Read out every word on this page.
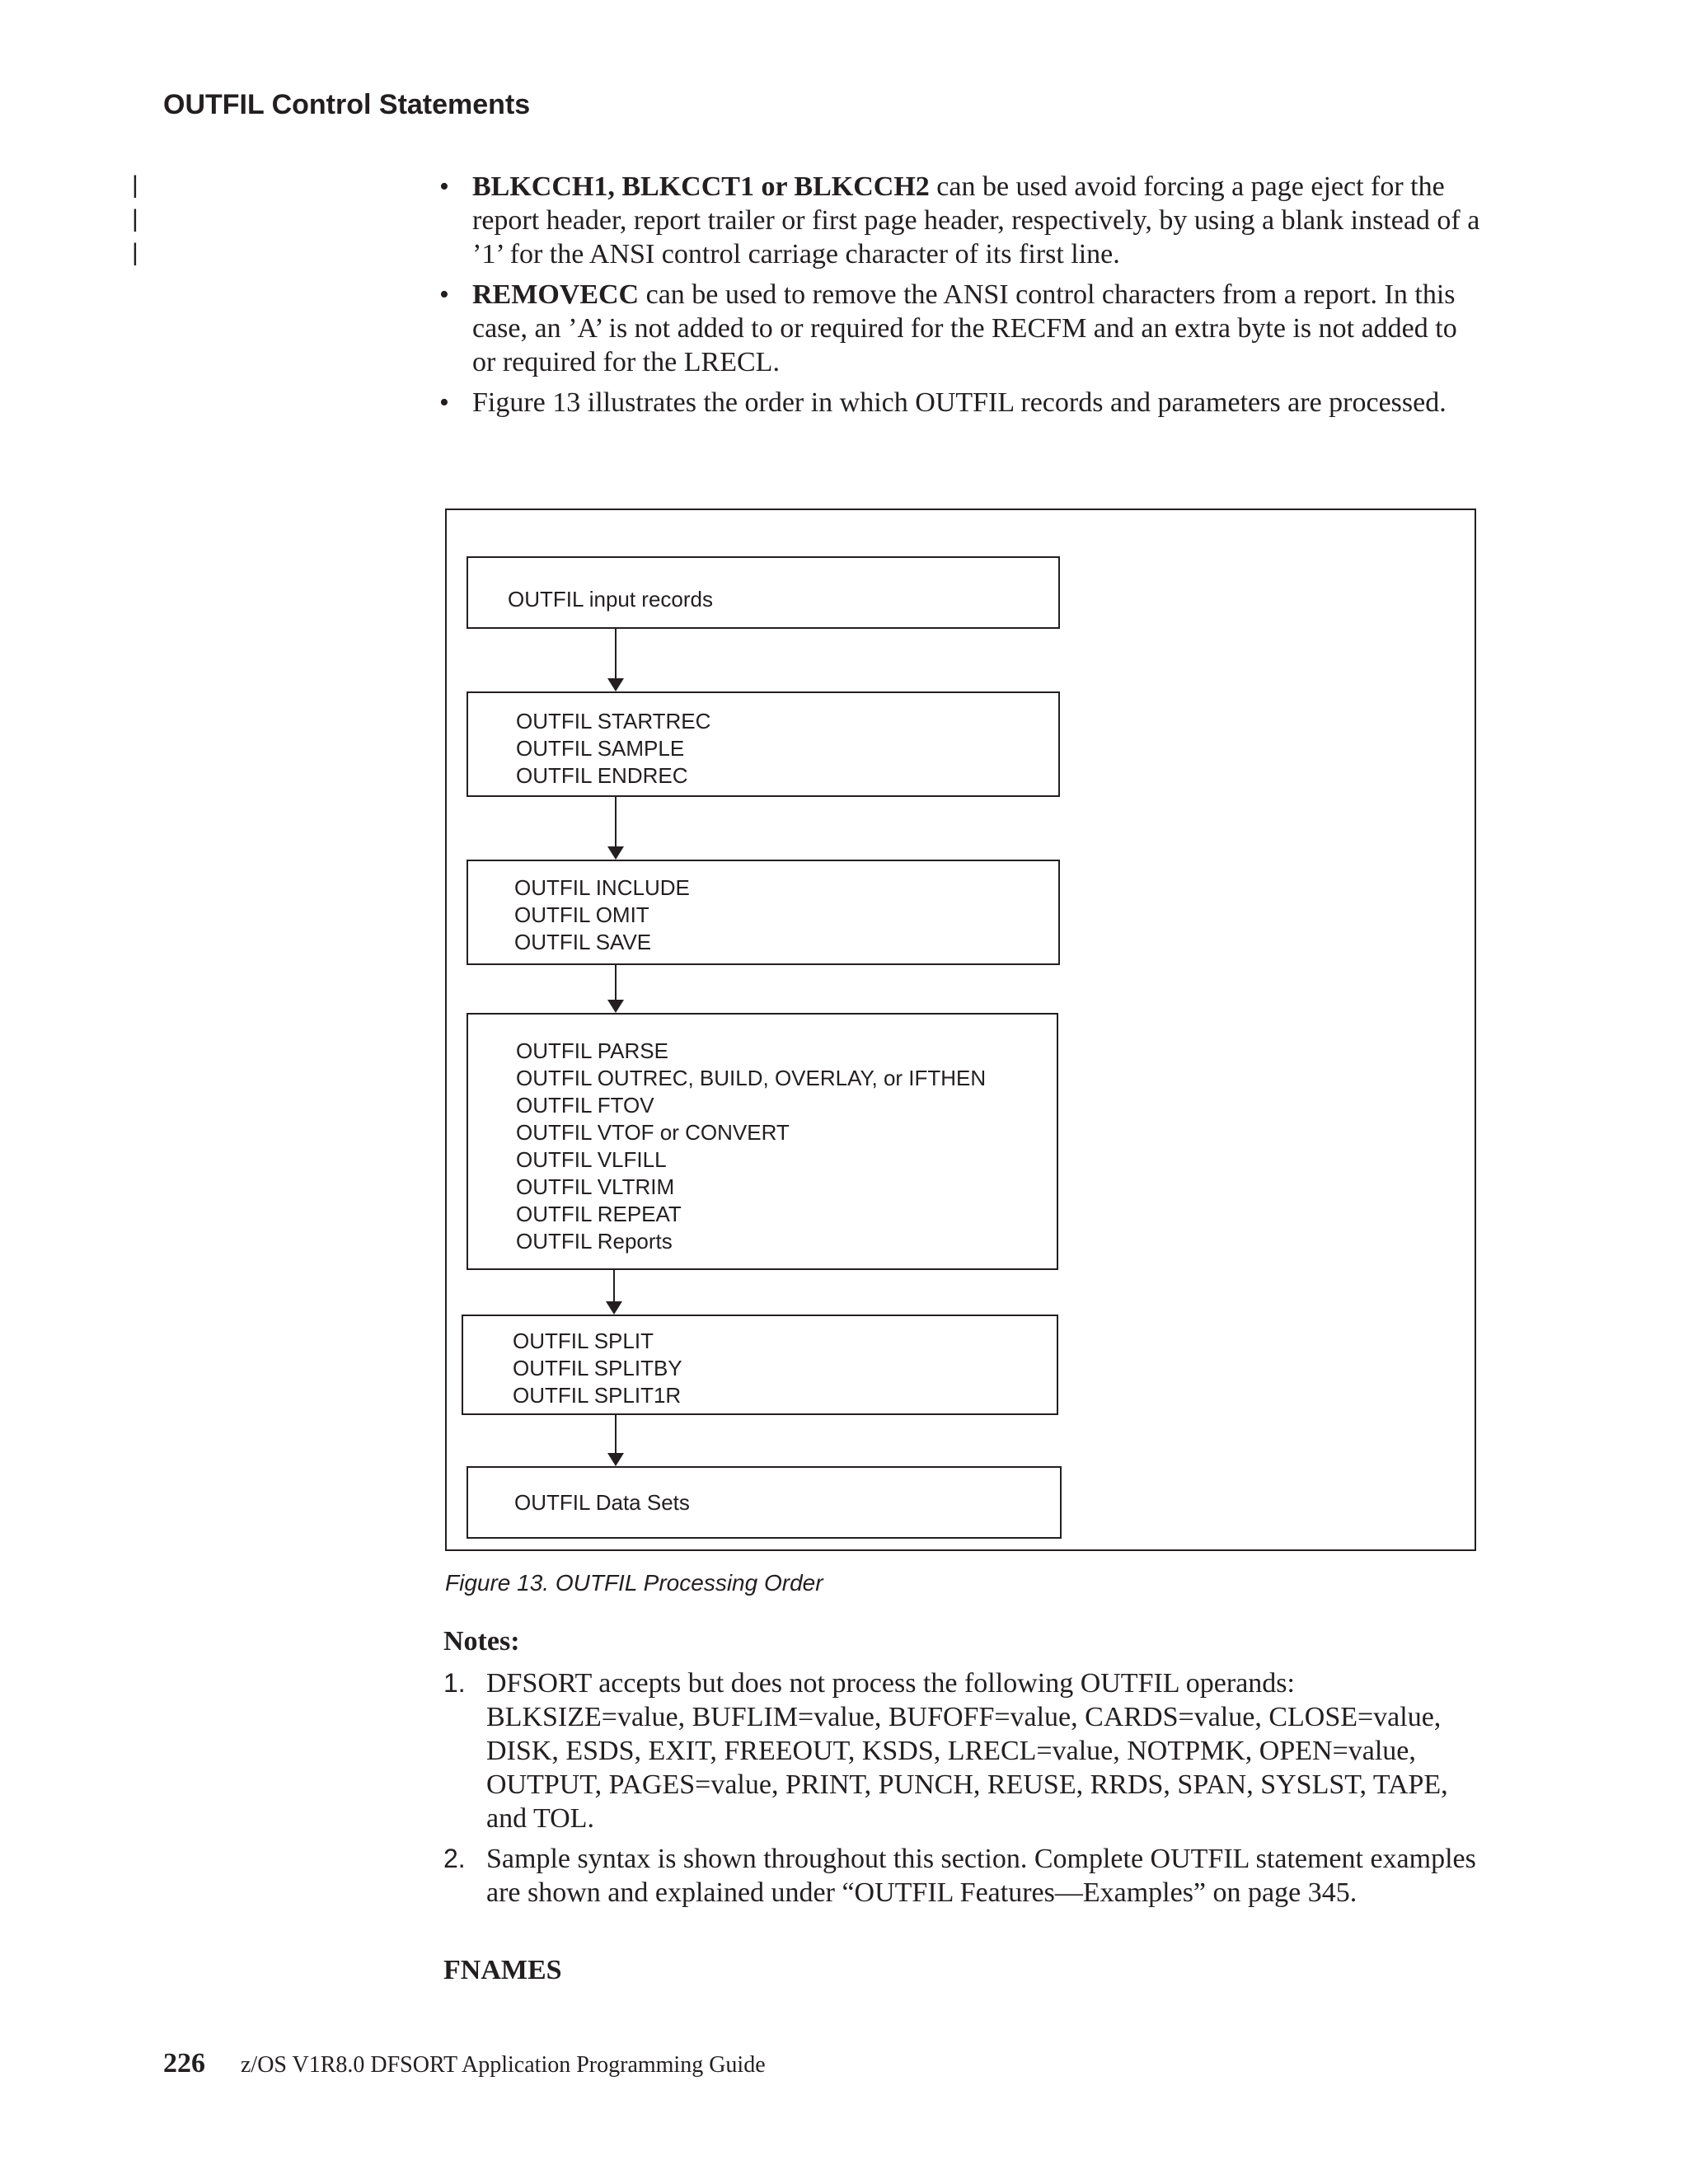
OUTFIL Control Statements
|
|
|
• BLKCCH1, BLKCCT1 or BLKCCH2 can be used avoid forcing a page eject for the report header, report trailer or first page header, respectively, by using a blank instead of a ’1’ for the ANSI control carriage character of its first line.
• REMOVECC can be used to remove the ANSI control characters from a report. In this case, an ’A’ is not added to or required for the RECFM and an extra byte is not added to or required for the LRECL.
• Figure 13 illustrates the order in which OUTFIL records and parameters are processed.
OUTFIL input records
OUTFIL STARTREC
OUTFIL SAMPLE
OUTFIL ENDREC
OUTFIL INCLUDE
OUTFIL OMIT
OUTFIL SAVE
OUTFIL PARSE
OUTFIL OUTREC, BUILD, OVERLAY, or IFTHEN
OUTFIL FTOV
OUTFIL VTOF or CONVERT
OUTFIL VLFILL
OUTFIL VLTRIM
OUTFIL REPEAT
OUTFIL Reports
OUTFIL SPLIT
OUTFIL SPLITBY
OUTFIL SPLIT1R
OUTFIL Data Sets
Figure 13. OUTFIL Processing Order
Notes:
1. DFSORT accepts but does not process the following OUTFIL operands: BLKSIZE=value, BUFLIM=value, BUFOFF=value, CARDS=value, CLOSE=value, DISK, ESDS, EXIT, FREEOUT, KSDS, LRECL=value, NOTPMK, OPEN=value, OUTPUT, PAGES=value, PRINT, PUNCH, REUSE, RRDS, SPAN, SYSLST, TAPE, and TOL.
2. Sample syntax is shown throughout this section. Complete OUTFIL statement examples are shown and explained under “OUTFIL Features—Examples” on page 345.
FNAMES
226 z/OS V1R8.0 DFSORT Application Programming Guide
